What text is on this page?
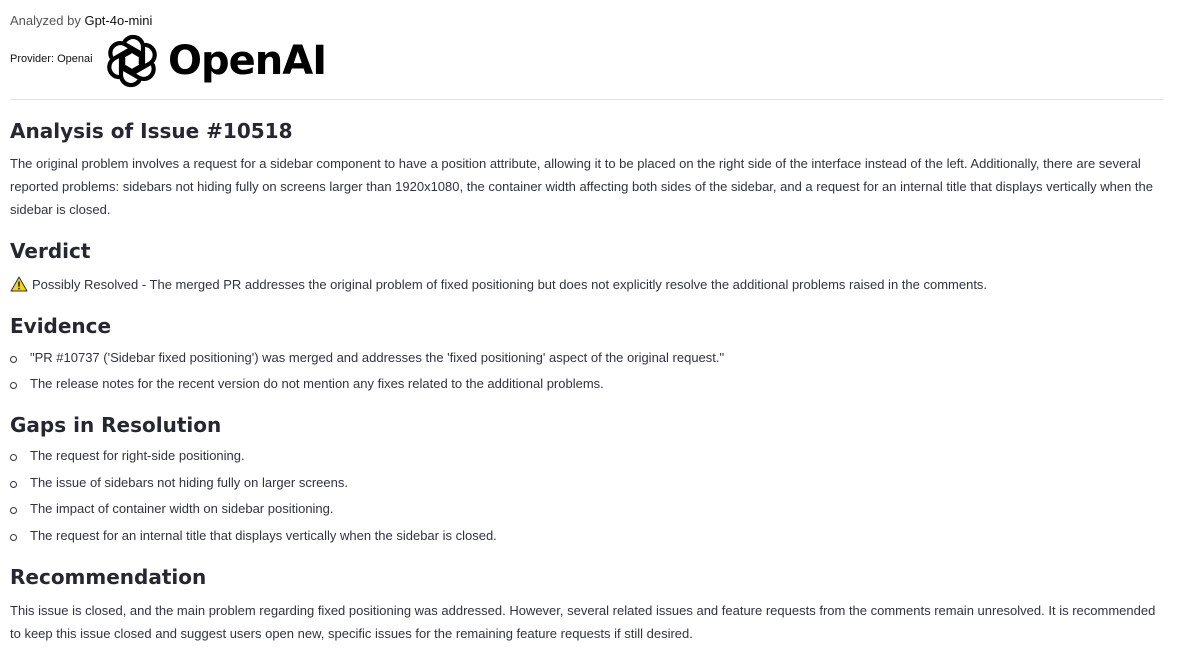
Analyzed by Gpt-4o-mini
Provider: Openai OpenAI
Analysis of Issue #10518

The original problem involves a request for a sidebar component to have a position attribute, allowing it to be placed on the right side of the interface instead of the left. Additionally, there are several reported problems: sidebars not hiding fully on screens larger than 1920x1080, the container width affecting both sides of the sidebar, and a request for an internal title that displays vertically when the sidebar is closed.

Verdict
Possibly Resolved - The merged PR addresses the original problem of fixed positioning but does not explicitly resolve the additional problems raised in the comments.
Evidence
"PR #10737 ('Sidebar fixed positioning') was merged and addresses the 'fixed positioning' aspect of the original request."
The release notes for the recent version do not mention any fixes related to the additional problems.
Gaps in Resolution
The request for right-side positioning.
The issue of sidebars not hiding fully on larger screens.
The impact of container width on sidebar positioning.
The request for an internal title that displays vertically when the sidebar is closed.
Recommendation

This issue is closed, and the main problem regarding fixed positioning was addressed. However, several related issues and feature requests from the comments remain unresolved. It is recommended to keep this issue closed and suggest users open new, specific issues for the remaining feature requests if still desired.
